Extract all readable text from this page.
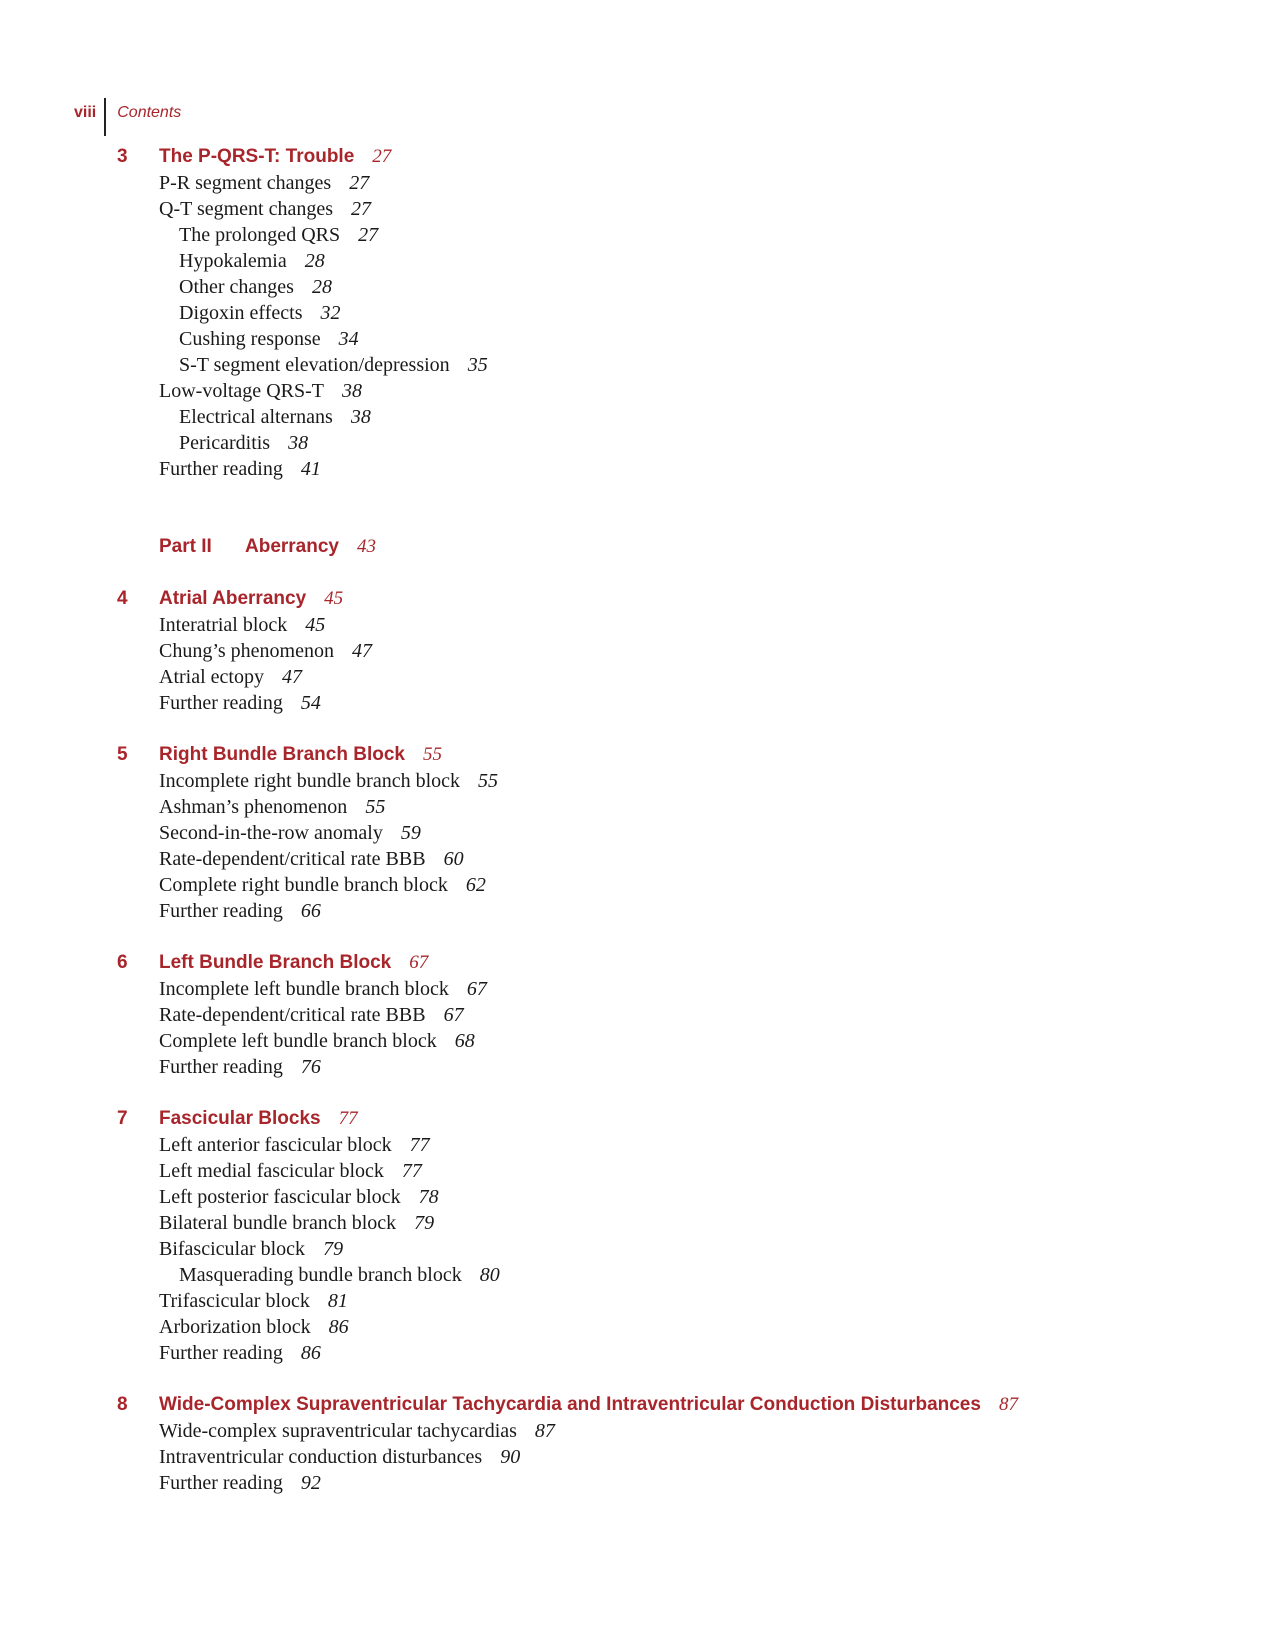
viii	Contents
3 The P-QRS-T: Trouble 27
P-R segment changes 27
Q-T segment changes 27
The prolonged QRS 27
Hypokalemia 28
Other changes 28
Digoxin effects 32
Cushing response 34
S-T segment elevation/depression 35
Low-voltage QRS-T 38
Electrical alternans 38
Pericarditis 38
Further reading 41
Part II Aberrancy 43
4 Atrial Aberrancy 45
Interatrial block 45
Chung’s phenomenon 47
Atrial ectopy 47
Further reading 54
5 Right Bundle Branch Block 55
Incomplete right bundle branch block 55
Ashman’s phenomenon 55
Second-in-the-row anomaly 59
Rate-dependent/critical rate BBB 60
Complete right bundle branch block 62
Further reading 66
6 Left Bundle Branch Block 67
Incomplete left bundle branch block 67
Rate-dependent/critical rate BBB 67
Complete left bundle branch block 68
Further reading 76
7 Fascicular Blocks 77
Left anterior fascicular block 77
Left medial fascicular block 77
Left posterior fascicular block 78
Bilateral bundle branch block 79
Bifascicular block 79
Masquerading bundle branch block 80
Trifascicular block 81
Arborization block 86
Further reading 86
8 Wide-Complex Supraventricular Tachycardia and Intraventricular Conduction Disturbances 87
Wide-complex supraventricular tachycardias 87
Intraventricular conduction disturbances 90
Further reading 92
